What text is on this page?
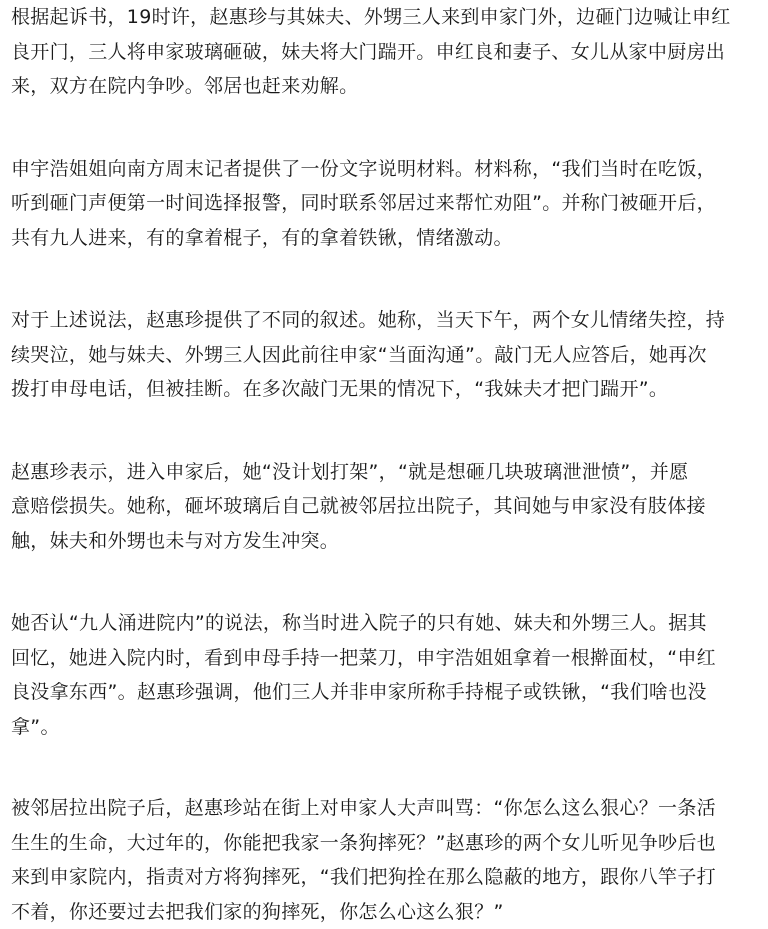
根据起诉书，19时许，赵惠珍与其妹夫、外甥三人来到申家门外，边砸门边喊让申红
良开门，三人将申家玻璃砸破，妹夫将大门踹开。申红良和妻子、女儿从家中厨房出
来，双方在院内争吵。邻居也赶来劝解。

申宇浩姐姐向南方周末记者提供了一份文字说明材料。材料称，“我们当时在吃饭，
听到砸门声便第一时间选择报警，同时联系邻居过来帮忙劝阻”。并称门被砸开后，
共有九人进来，有的拿着棍子，有的拿着铁锹，情绪激动。

对于上述说法，赵惠珍提供了不同的叙述。她称，当天下午，两个女儿情绪失控，持
续哭泣，她与妹夫、外甥三人因此前往申家“当面沟通”。敲门无人应答后，她再次
拨打申母电话，但被挂断。在多次敲门无果的情况下，“我妹夫才把门踹开”。

赵惠珍表示，进入申家后，她“没计划打架”，“就是想砸几块玻璃泄泄愤”，并愿
意赔偿损失。她称，砸坏玻璃后自己就被邻居拉出院子，其间她与申家没有肢体接
触，妹夫和外甥也未与对方发生冲突。

她否认“九人涌进院内”的说法，称当时进入院子的只有她、妹夫和外甥三人。据其
回忆，她进入院内时，看到申母手持一把菜刀，申宇浩姐姐拿着一根擀面杖，“申红
良没拿东西”。赵惠珍强调，他们三人并非申家所称手持棍子或铁锹，“我们啥也没
拿”。

被邻居拉出院子后，赵惠珍站在街上对申家人大声叫骂：“你怎么这么狠心？一条活
生生的生命，大过年的，你能把我家一条狗摔死？”赵惠珍的两个女儿听见争吵后也
来到申家院内，指责对方将狗摔死，“我们把狗拴在那么隐蔽的地方，跟你八竿子打
不着，你还要过去把我们家的狗摔死，你怎么心这么狠？”
